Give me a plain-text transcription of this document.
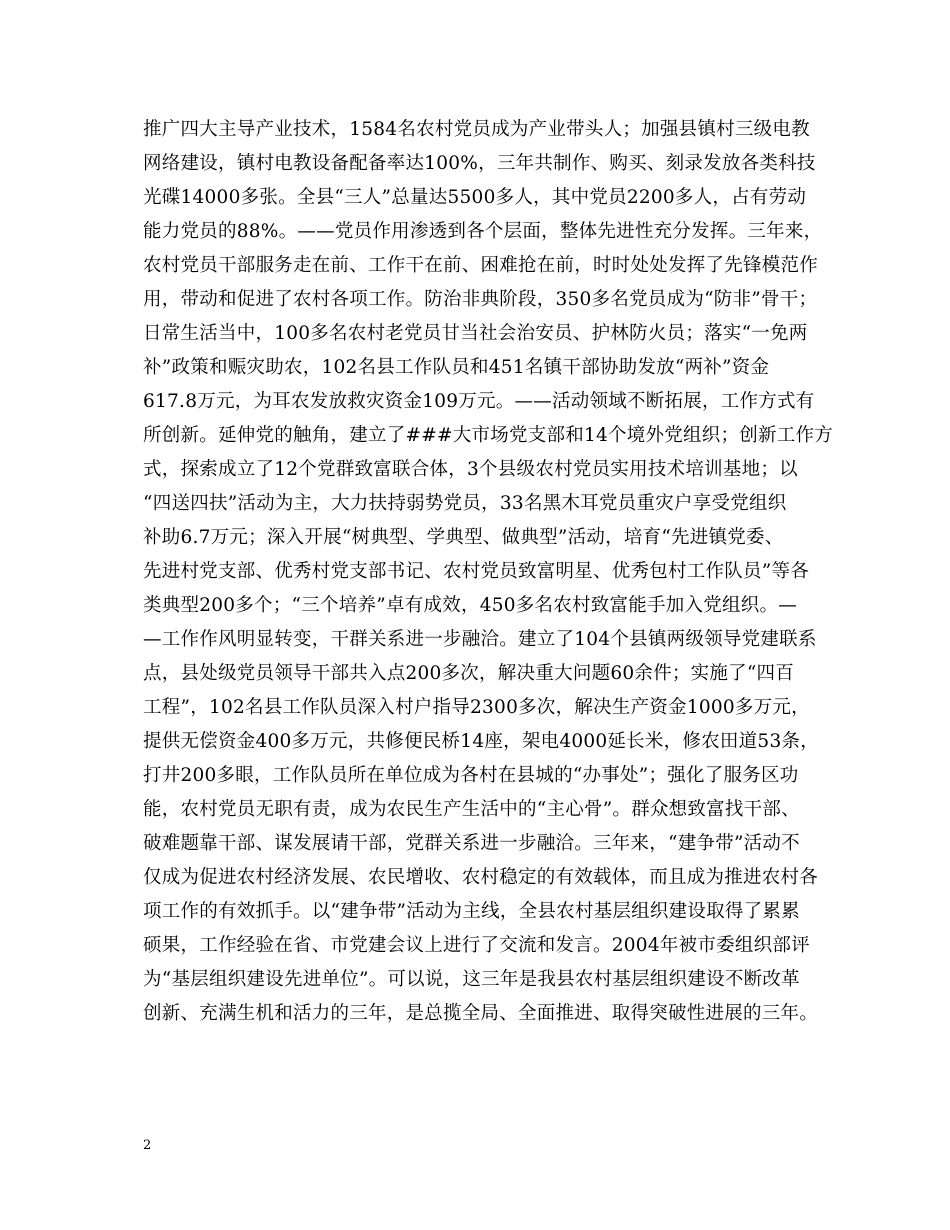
推广四大主导产业技术，1584名农村党员成为产业带头人；加强县镇村三级电教
网络建设，镇村电教设备配备率达100%，三年共制作、购买、刻录发放各类科技
光碟14000多张。全县“三人”总量达5500多人，其中党员2200多人，占有劳动
能力党员的88%。——党员作用渗透到各个层面，整体先进性充分发挥。三年来，
农村党员干部服务走在前、工作干在前、困难抢在前，时时处处发挥了先锋模范作
用，带动和促进了农村各项工作。防治非典阶段，350多名党员成为“防非”骨干；
日常生活当中，100多名农村老党员甘当社会治安员、护林防火员；落实“一免两
补”政策和赈灾助农，102名县工作队员和451名镇干部协助发放“两补”资金
617.8万元，为耳农发放救灾资金109万元。——活动领域不断拓展，工作方式有
所创新。延伸党的触角，建立了###大市场党支部和14个境外党组织；创新工作方
式，探索成立了12个党群致富联合体，3个县级农村党员实用技术培训基地；以
“四送四扶”活动为主，大力扶持弱势党员，33名黑木耳党员重灾户享受党组织
补助6.7万元；深入开展“树典型、学典型、做典型”活动，培育“先进镇党委、
先进村党支部、优秀村党支部书记、农村党员致富明星、优秀包村工作队员”等各
类典型200多个；“三个培养”卓有成效，450多名农村致富能手加入党组织。—
—工作作风明显转变，干群关系进一步融洽。建立了104个县镇两级领导党建联系
点，县处级党员领导干部共入点200多次，解决重大问题60余件；实施了“四百
工程”，102名县工作队员深入村户指导2300多次，解决生产资金1000多万元，
提供无偿资金400多万元，共修便民桥14座，架电4000延长米，修农田道53条，
打井200多眼，工作队员所在单位成为各村在县城的“办事处”；强化了服务区功
能，农村党员无职有责，成为农民生产生活中的“主心骨”。群众想致富找干部、
破难题靠干部、谋发展请干部，党群关系进一步融洽。三年来，“建争带”活动不
仅成为促进农村经济发展、农民增收、农村稳定的有效载体，而且成为推进农村各
项工作的有效抓手。以“建争带”活动为主线，全县农村基层组织建设取得了累累
硕果，工作经验在省、市党建会议上进行了交流和发言。2004年被市委组织部评
为“基层组织建设先进单位”。可以说，这三年是我县农村基层组织建设不断改革
创新、充满生机和活力的三年，是总揽全局、全面推进、取得突破性进展的三年。
2
